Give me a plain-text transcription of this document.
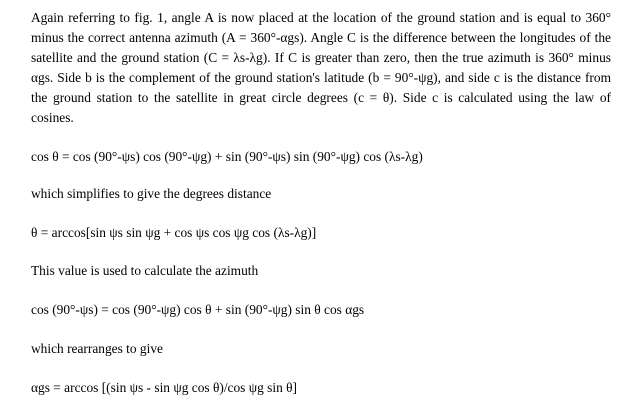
Again referring to fig. 1, angle A is now placed at the location of the ground station and is equal to 360° minus the correct antenna azimuth (A = 360°-αgs). Angle C is the difference between the longitudes of the satellite and the ground station (C = λs-λg). If C is greater than zero, then the true azimuth is 360° minus αgs. Side b is the complement of the ground station's latitude (b = 90°-ψg), and side c is the distance from the ground station to the satellite in great circle degrees (c = θ). Side c is calculated using the law of cosines.

cos θ = cos (90°-ψs) cos (90°-ψg) + sin (90°-ψs) sin (90°-ψg) cos (λs-λg)

which simplifies to give the degrees distance

θ = arccos[sin ψs sin ψg + cos ψs cos ψg cos (λs-λg)]

This value is used to calculate the azimuth

cos (90°-ψs) = cos (90°-ψg) cos θ + sin (90°-ψg) sin θ cos αgs

which rearranges to give

αgs = arccos [(sin ψs - sin ψg cos θ)/cos ψg sin θ]
